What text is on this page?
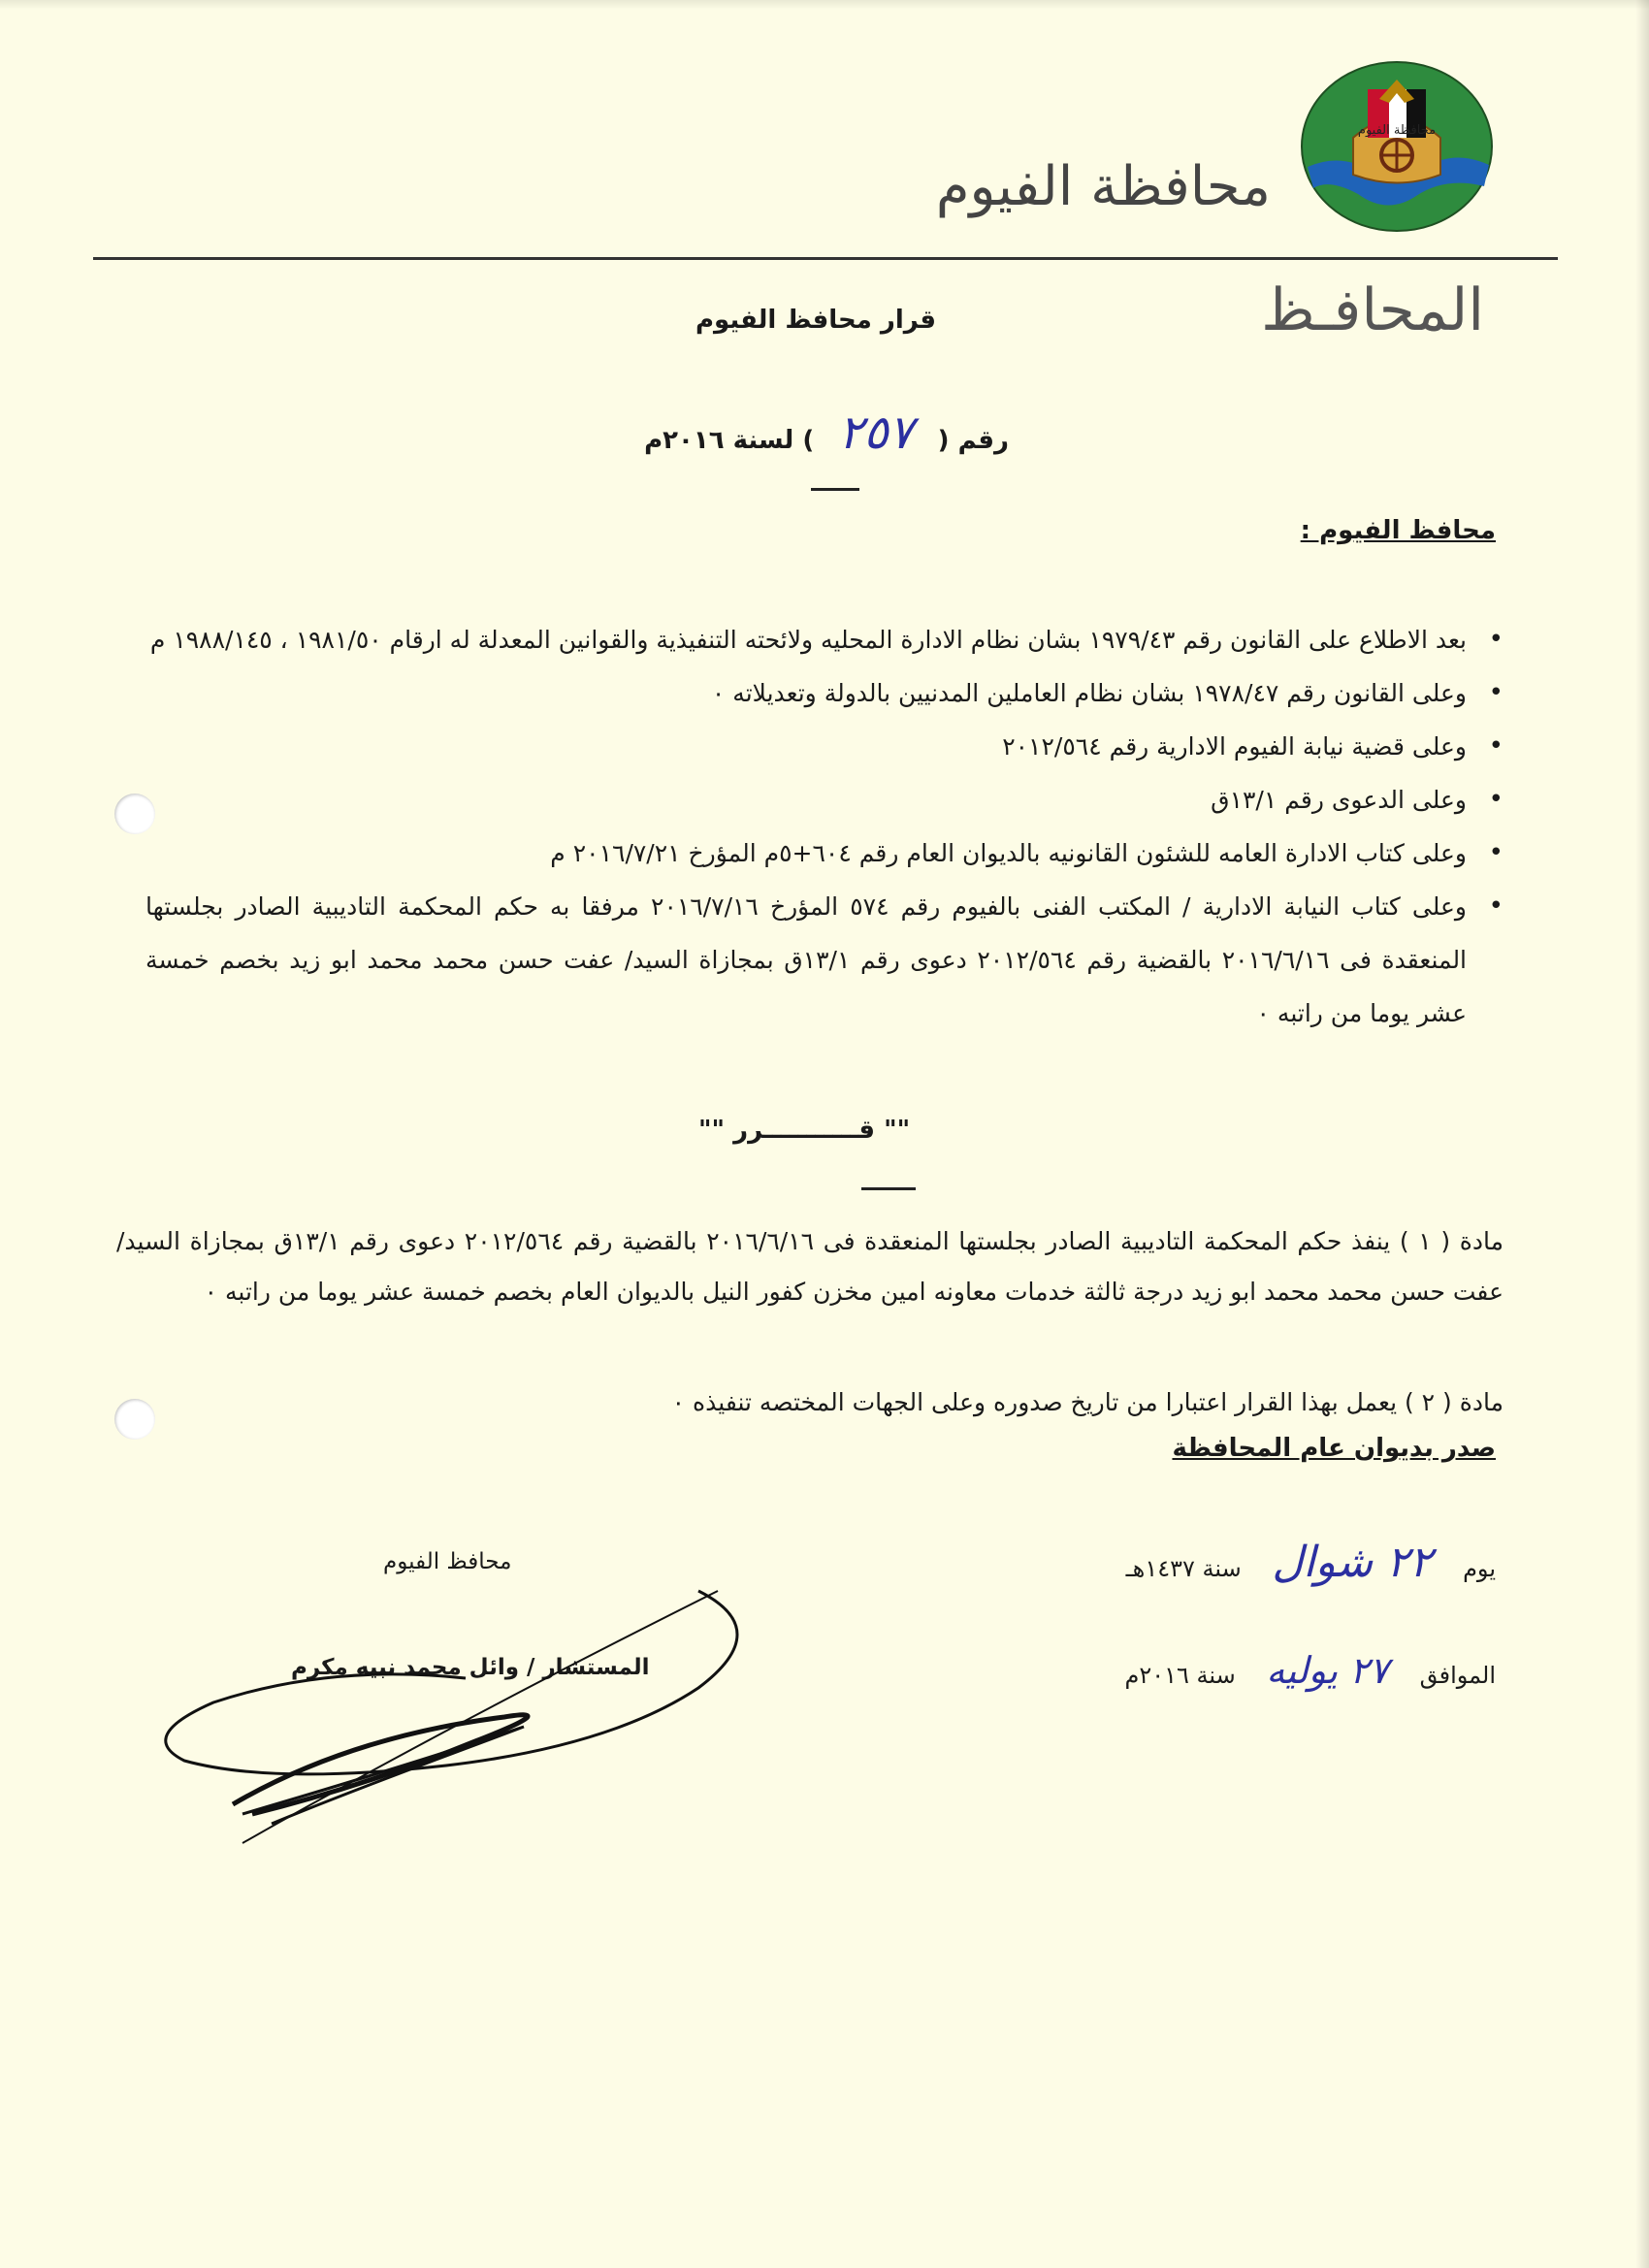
محافظة الفيوم
محافظة الفيوم
المحافـظ
قرار محافظ الفيوم
رقم ( ٢٥٧ ) لسنة ٢٠١٦م
محافظ الفيوم :
• بعد الاطلاع على القانون رقم ١٩٧٩/٤٣ بشان نظام الادارة المحليه ولائحته التنفيذية والقوانين المعدلة له ارقام ١٩٨١/٥٠ ، ١٩٨٨/١٤٥ م
• وعلى القانون رقم ١٩٧٨/٤٧ بشان نظام العاملين المدنيين بالدولة وتعديلاته ٠
• وعلى قضية نيابة الفيوم الادارية رقم ٢٠١٢/٥٦٤
• وعلى الدعوى رقم ١٣/١ق
• وعلى كتاب الادارة العامه للشئون القانونيه بالديوان العام رقم ٦٠٤+٥م المؤرخ ٢٠١٦/٧/٢١ م
• وعلى كتاب النيابة الادارية / المكتب الفنى بالفيوم رقم ٥٧٤ المؤرخ ٢٠١٦/٧/١٦ مرفقا به حكم المحكمة التاديبية الصادر بجلستها المنعقدة فى ٢٠١٦/٦/١٦ بالقضية رقم ٢٠١٢/٥٦٤ دعوى رقم ١٣/١ق بمجازاة السيد/ عفت حسن محمد محمد ابو زيد بخصم خمسة عشر يوما من راتبه ٠
"" قـــــــــــرر ""
مادة ( ١ ) ينفذ حكم المحكمة التاديبية الصادر بجلستها المنعقدة فى ٢٠١٦/٦/١٦ بالقضية رقم ٢٠١٢/٥٦٤ دعوى رقم ١٣/١ق بمجازاة السيد/ عفت حسن محمد محمد ابو زيد درجة ثالثة خدمات معاونه امين مخزن كفور النيل بالديوان العام بخصم خمسة عشر يوما من راتبه ٠
مادة ( ٢ ) يعمل بهذا القرار اعتبارا من تاريخ صدوره وعلى الجهات المختصه تنفيذه ٠
صدر بديوان عام المحافظة
يوم ٢٢ شوال سنة ١٤٣٧هـ
الموافق ٢٧ يوليه سنة ٢٠١٦م
محافظ الفيوم
المستشار / وائل محمد نبيه مكرم
